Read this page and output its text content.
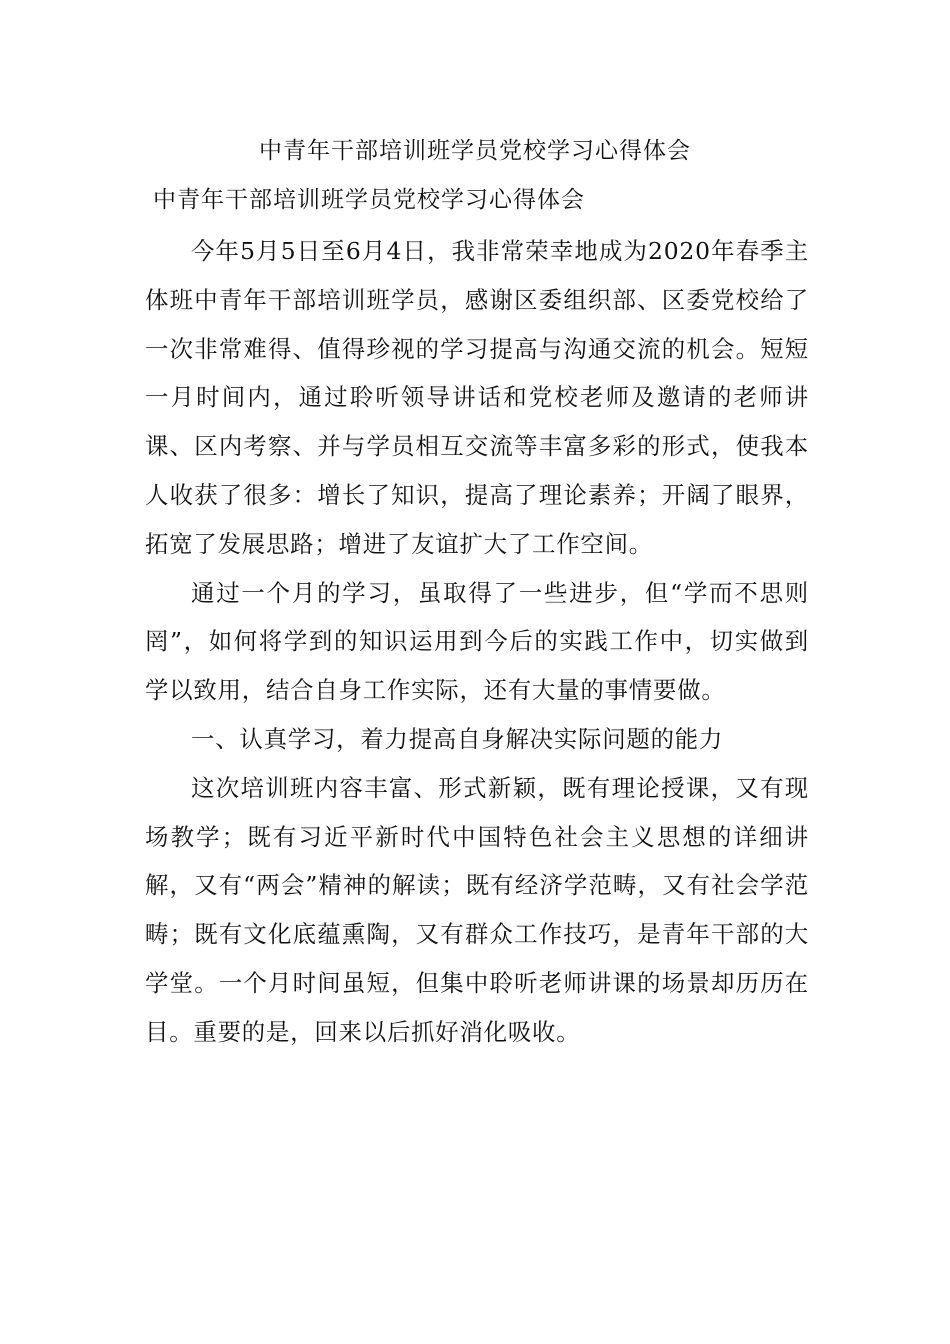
中青年干部培训班学员党校学习心得体会
中青年干部培训班学员党校学习心得体会

今年5月5日至6月4日，我非常荣幸地成为2020年春季主体班中青年干部培训班学员，感谢区委组织部、区委党校给了一次非常难得、值得珍视的学习提高与沟通交流的机会。短短一月时间内，通过聆听领导讲话和党校老师及邀请的老师讲课、区内考察、并与学员相互交流等丰富多彩的形式，使我本人收获了很多：增长了知识，提高了理论素养；开阔了眼界，拓宽了发展思路；增进了友谊扩大了工作空间。

通过一个月的学习，虽取得了一些进步，但“学而不思则罔”，如何将学到的知识运用到今后的实践工作中，切实做到学以致用，结合自身工作实际，还有大量的事情要做。

一、认真学习，着力提高自身解决实际问题的能力

这次培训班内容丰富、形式新颖，既有理论授课，又有现场教学；既有习近平新时代中国特色社会主义思想的详细讲解，又有“两会”精神的解读；既有经济学范畴，又有社会学范畴；既有文化底蕴熏陶，又有群众工作技巧，是青年干部的大学堂。一个月时间虽短，但集中聆听老师讲课的场景却历历在目。重要的是，回来以后抓好消化吸收。
